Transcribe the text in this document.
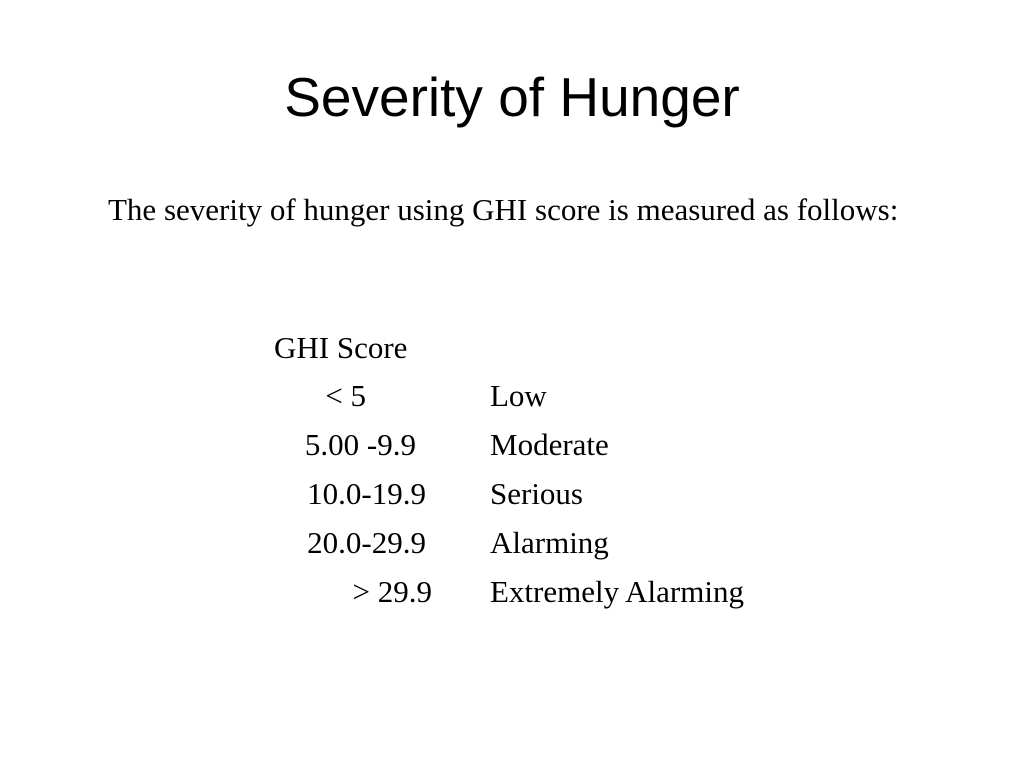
Severity of Hunger
The severity of hunger using GHI score is measured as follows:
GHI Score
< 5	Low
5.00 -9.9 Moderate
10.0-19.9 Serious
20.0-29.9 Alarming
> 29.9 Extremely Alarming
